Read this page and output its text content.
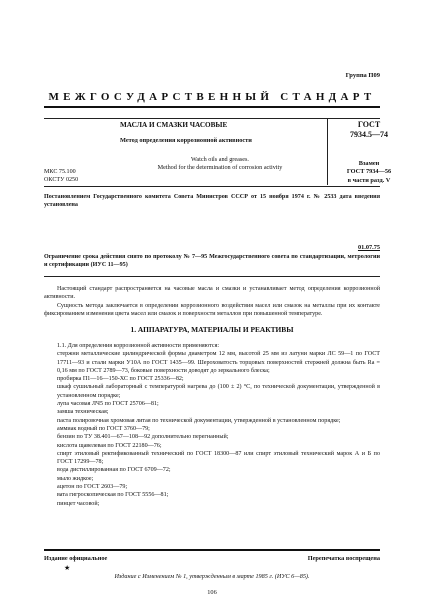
Группа П09
МЕЖГОСУДАРСТВЕННЫЙ СТАНДАРТ
МАСЛА И СМАЗКИ ЧАСОВЫЕ
Метод определения коррозионной активности
Watch oils and greases.
Method for the determination of corrosion activity
ГОСТ
7934.5—74
Взамен
ГОСТ 7934—56
в части разд. V
МКС 75.100
ОКСТУ 0250
Постановлением Государственного комитета Совета Министров СССР от 15 ноября 1974 г. № 2533 дата введения установлена
01.07.75
Ограничение срока действия снято по протоколу № 7—95 Межгосударственного совета по стандартизации, метрологии и сертификации (ИУС 11—95)
Настоящий стандарт распространяется на часовые масла и смазки и устанавливает метод определения коррозионной активности.
Сущность метода заключается в определении коррозионного воздействия масел или смазок на металлы при их контакте фиксированием изменения цвета масел или смазок и поверхности металлов при повышенной температуре.
1. АППАРАТУРА, МАТЕРИАЛЫ И РЕАКТИВЫ
1.1. Для определения коррозионной активности применяются:
стержни металлические цилиндрической формы диаметром 12 мм, высотой 25 мм из латуни марки ЛС 59—1 по ГОСТ 17711—93 и стали марки У10А по ГОСТ 1435—99. Шероховатость торцовых поверхностей стержней должна быть Ra = 0,16 мм по ГОСТ 2789—73, боковые поверхности доводят до зеркального блеска;
пробирка П1—16—150-ХС по ГОСТ 25336—82;
шкаф сушильный лабораторный с температурой нагрева до (100 ± 2) °С, по технической документации, утвержденной в установленном порядке;
лупа часовая ЛЧ5 по ГОСТ 25706—81;
замша техническая;
паста полировочная хромовая литая по технической документации, утвержденной в установленном порядке;
аммиак водный по ГОСТ 3760—79;
бензин по ТУ 38.401—67—108—92 дополнительно перегнанный;
кислота щавелевая по ГОСТ 22180—76;
спирт этиловый ректификованный технический по ГОСТ 18300—87 или спирт этиловый технический марок А и Б по ГОСТ 17299—78;
вода дистиллированная по ГОСТ 6709—72;
мыло жидкое;
ацетон по ГОСТ 2603—79;
вата гигроскопическая по ГОСТ 5556—81;
пинцет часовой;
Издание официальное	Перепечатка воспрещена
★
Издание с Изменением № 1, утвержденным в марте 1985 г. (ИУС 6—85).
106
